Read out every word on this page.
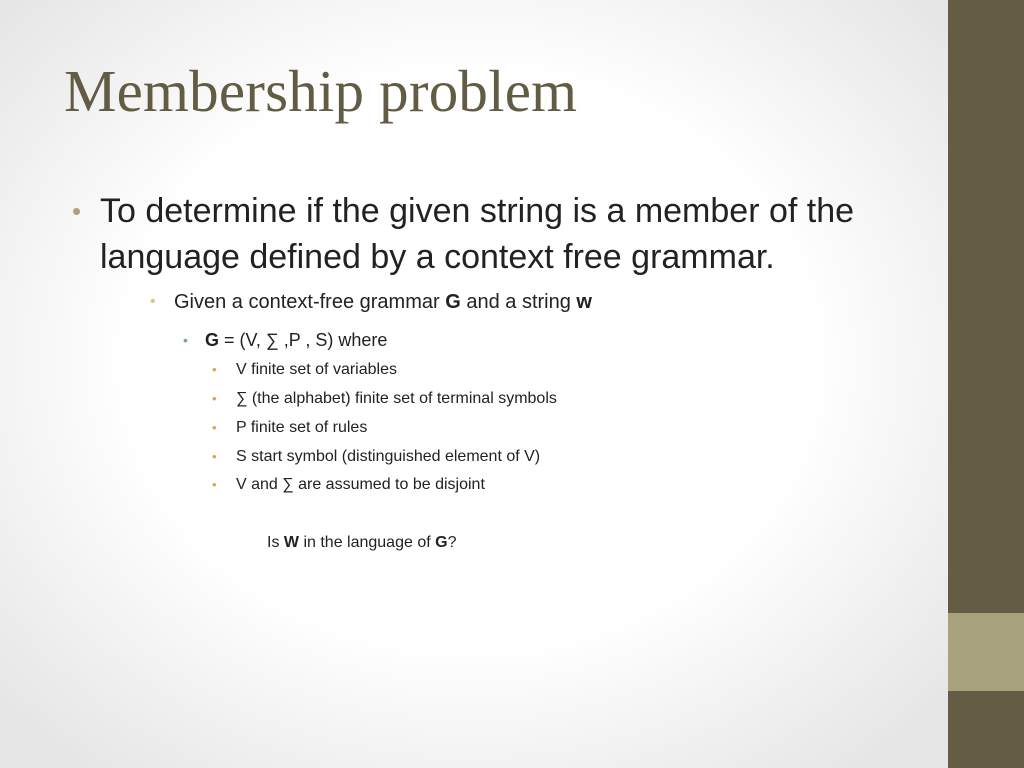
Membership problem
• To determine if the given string is a member of the language defined by a context free grammar.
• Given a context-free grammar G and a string w
• G = (V, ∑ ,P , S) where
• V finite set of variables
• ∑ (the alphabet) finite set of terminal symbols
• P finite set of rules
• S start symbol (distinguished element of V)
• V and ∑ are assumed to be disjoint
Is W in the language of G?
